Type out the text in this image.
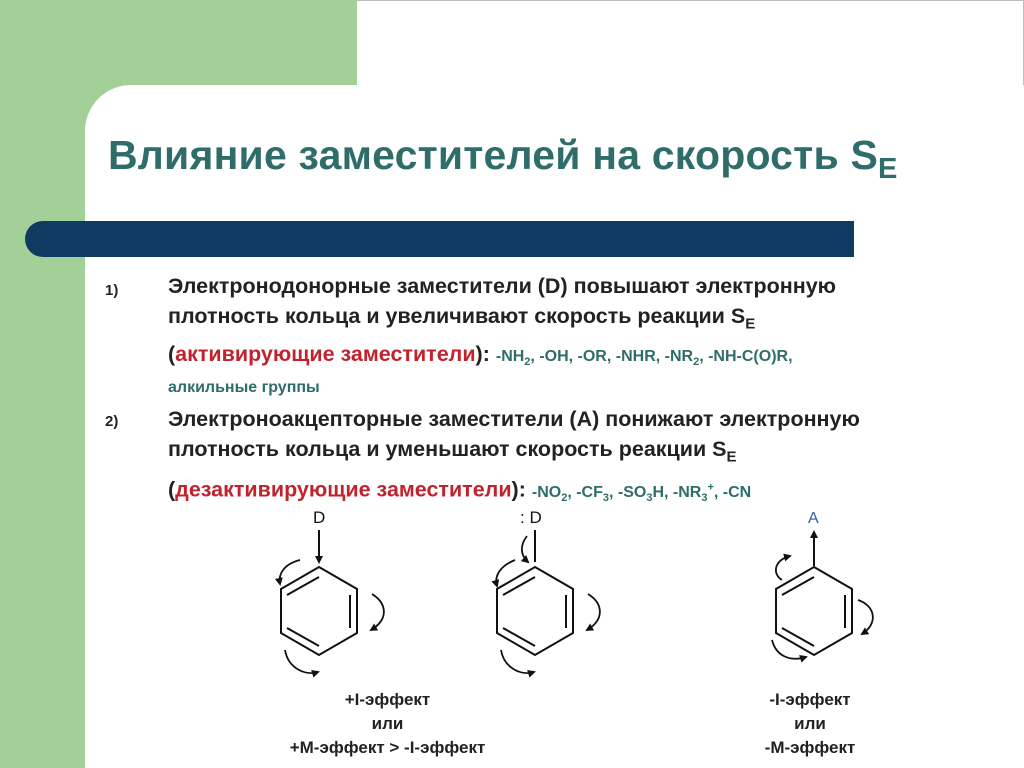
Влияние заместителей на скорость $S_E$
1) Электронодонорные заместители (D) повышают электронную
плотность кольца и увеличивают скорость реакции $S_E$
(активирующие заместители): $-NH_2$, -OH, -OR, -NHR, $-NR_2$, -NH-C(O)R,
алкильные группы
2) Электроноакцепторные заместители (A) понижают электронную
плотность кольца и уменьшают скорость реакции $S_E$
(дезактивирующие заместители): $-NO_2$, $-CF_3$, $-SO_3H$, $-NR_3^+$, -CN
D	: D	A
+I-эффект
или
+M-эффект > -I-эффект
-I-эффект
или
-M-эффект
